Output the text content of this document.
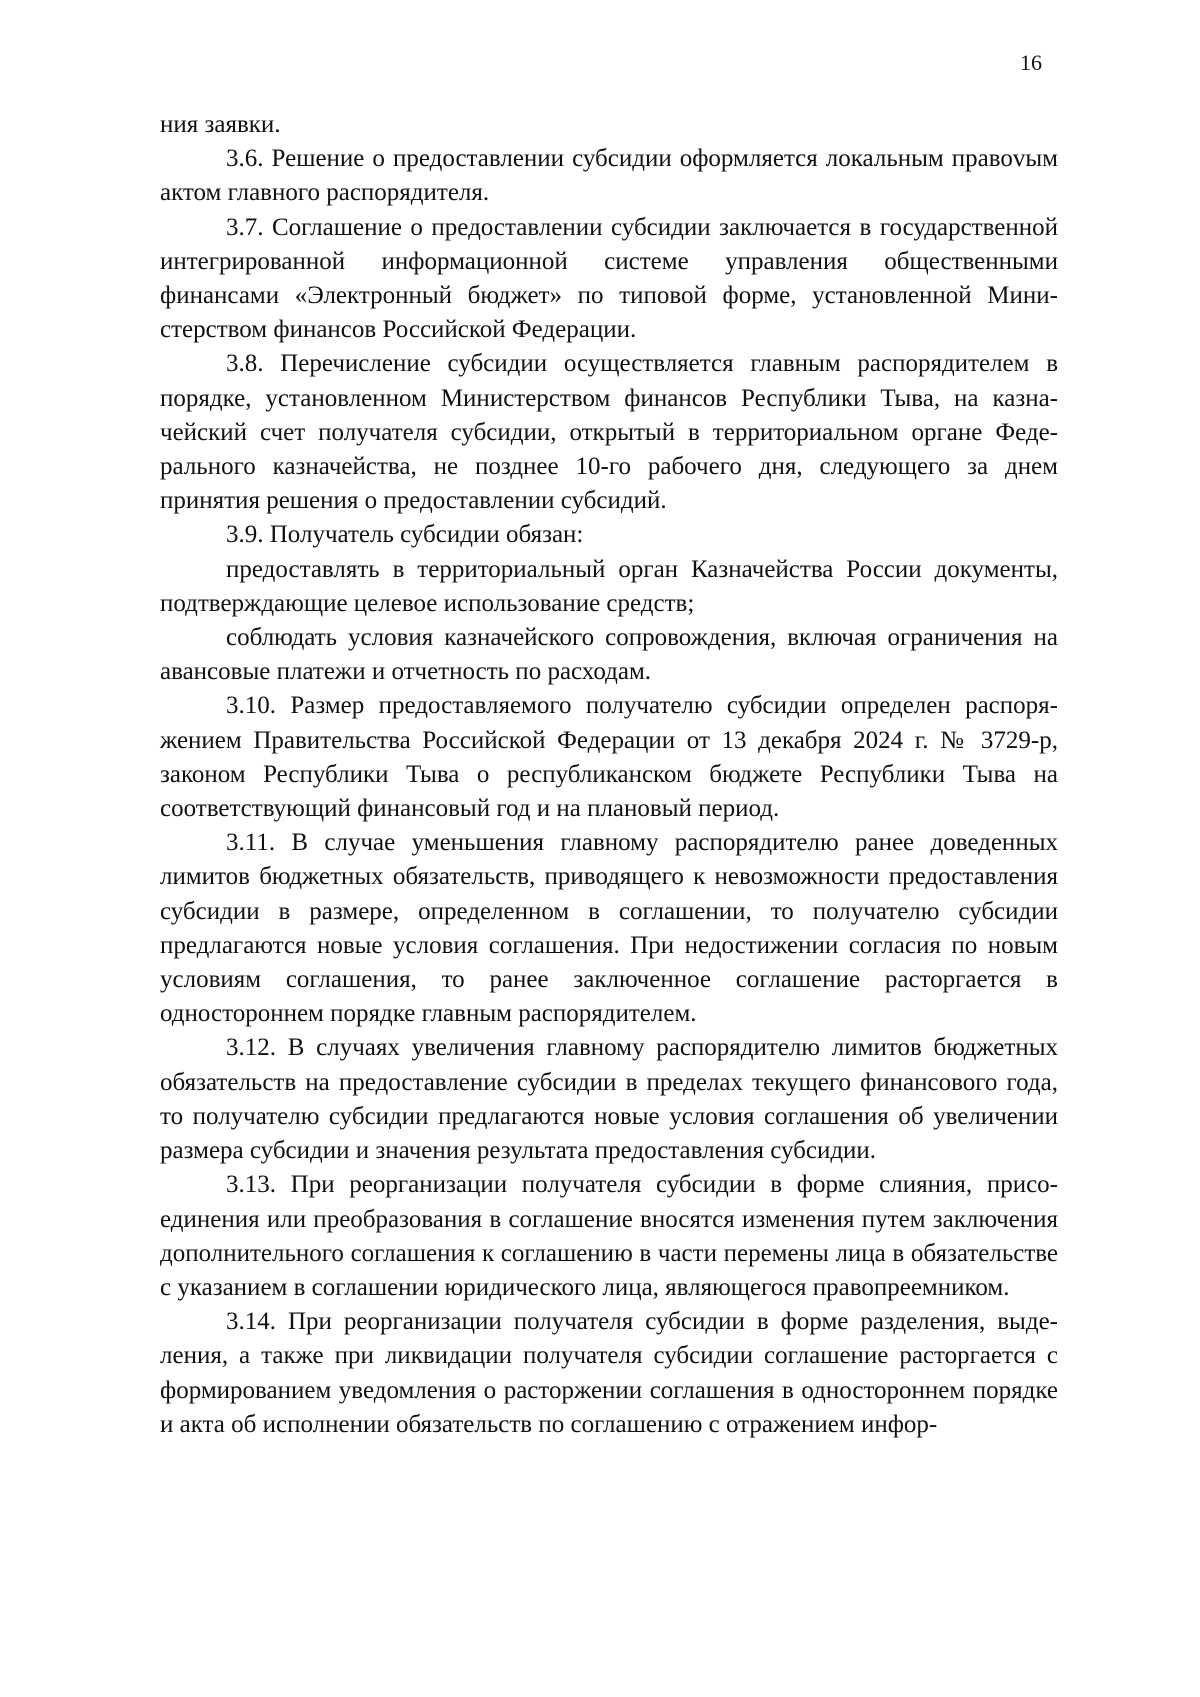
16

ния заявки.

3.6. Решение о предоставлении субсидии оформляется локальным правоvым актом главного распорядителя.

3.7. Соглашение о предоставлении субсидии заключается в государственной интегрированной информационной системе управления общественными финансами «Электронный бюджет» по типовой форме, установленной Министерством финансов Российской Федерации.

3.8. Перечисление субсидии осуществляется главным распорядителем в порядке, установленном Министерством финансов Республики Тыва, на казначейский счет получателя субсидии, открытый в территориальном органе Федерального казначейства, не позднее 10-го рабочего дня, следующего за днем принятия решения о предоставлении субсидий.

3.9. Получатель субсидии обязан:

предоставлять в территориальный орган Казначейства России документы, подтверждающие целевое использование средств;

соблюдать условия казначейского сопровождения, включая ограничения на авансовые платежи и отчетность по расходам.

3.10. Размер предоставляемого получателю субсидии определен распоряжением Правительства Российской Федерации от 13 декабря 2024 г. № 3729-р, законом Республики Тыва о республиканском бюджете Республики Тыва на соответствующий финансовый год и на плановый период.

3.11. В случае уменьшения главному распорядителю ранее доведенных лимитов бюджетных обязательств, приводящего к невозможности предоставления субсидии в размере, определенном в соглашении, то получателю субсидии предлагаются новые условия соглашения. При недостижении согласия по новым условиям соглашения, то ранее заключенное соглашение расторгается в одностороннем порядке главным распорядителем.

3.12. В случаях увеличения главному распорядителю лимитов бюджетных обязательств на предоставление субсидии в пределах текущего финансового года, то получателю субсидии предлагаются новые условия соглашения об увеличении размера субсидии и значения результата предоставления субсидии.

3.13. При реорганизации получателя субсидии в форме слияния, присоединения или преобразования в соглашение вносятся изменения путем заключения дополнительного соглашения к соглашению в части перемены лица в обязательстве с указанием в соглашении юридического лица, являющегося правопреемником.

3.14. При реорганизации получателя субсидии в форме разделения, выделения, а также при ликвидации получателя субсидии соглашение расторгается с формированием уведомления о расторжении соглашения в одностороннем порядке и акта об исполнении обязательств по соглашению с отражением инфор-
